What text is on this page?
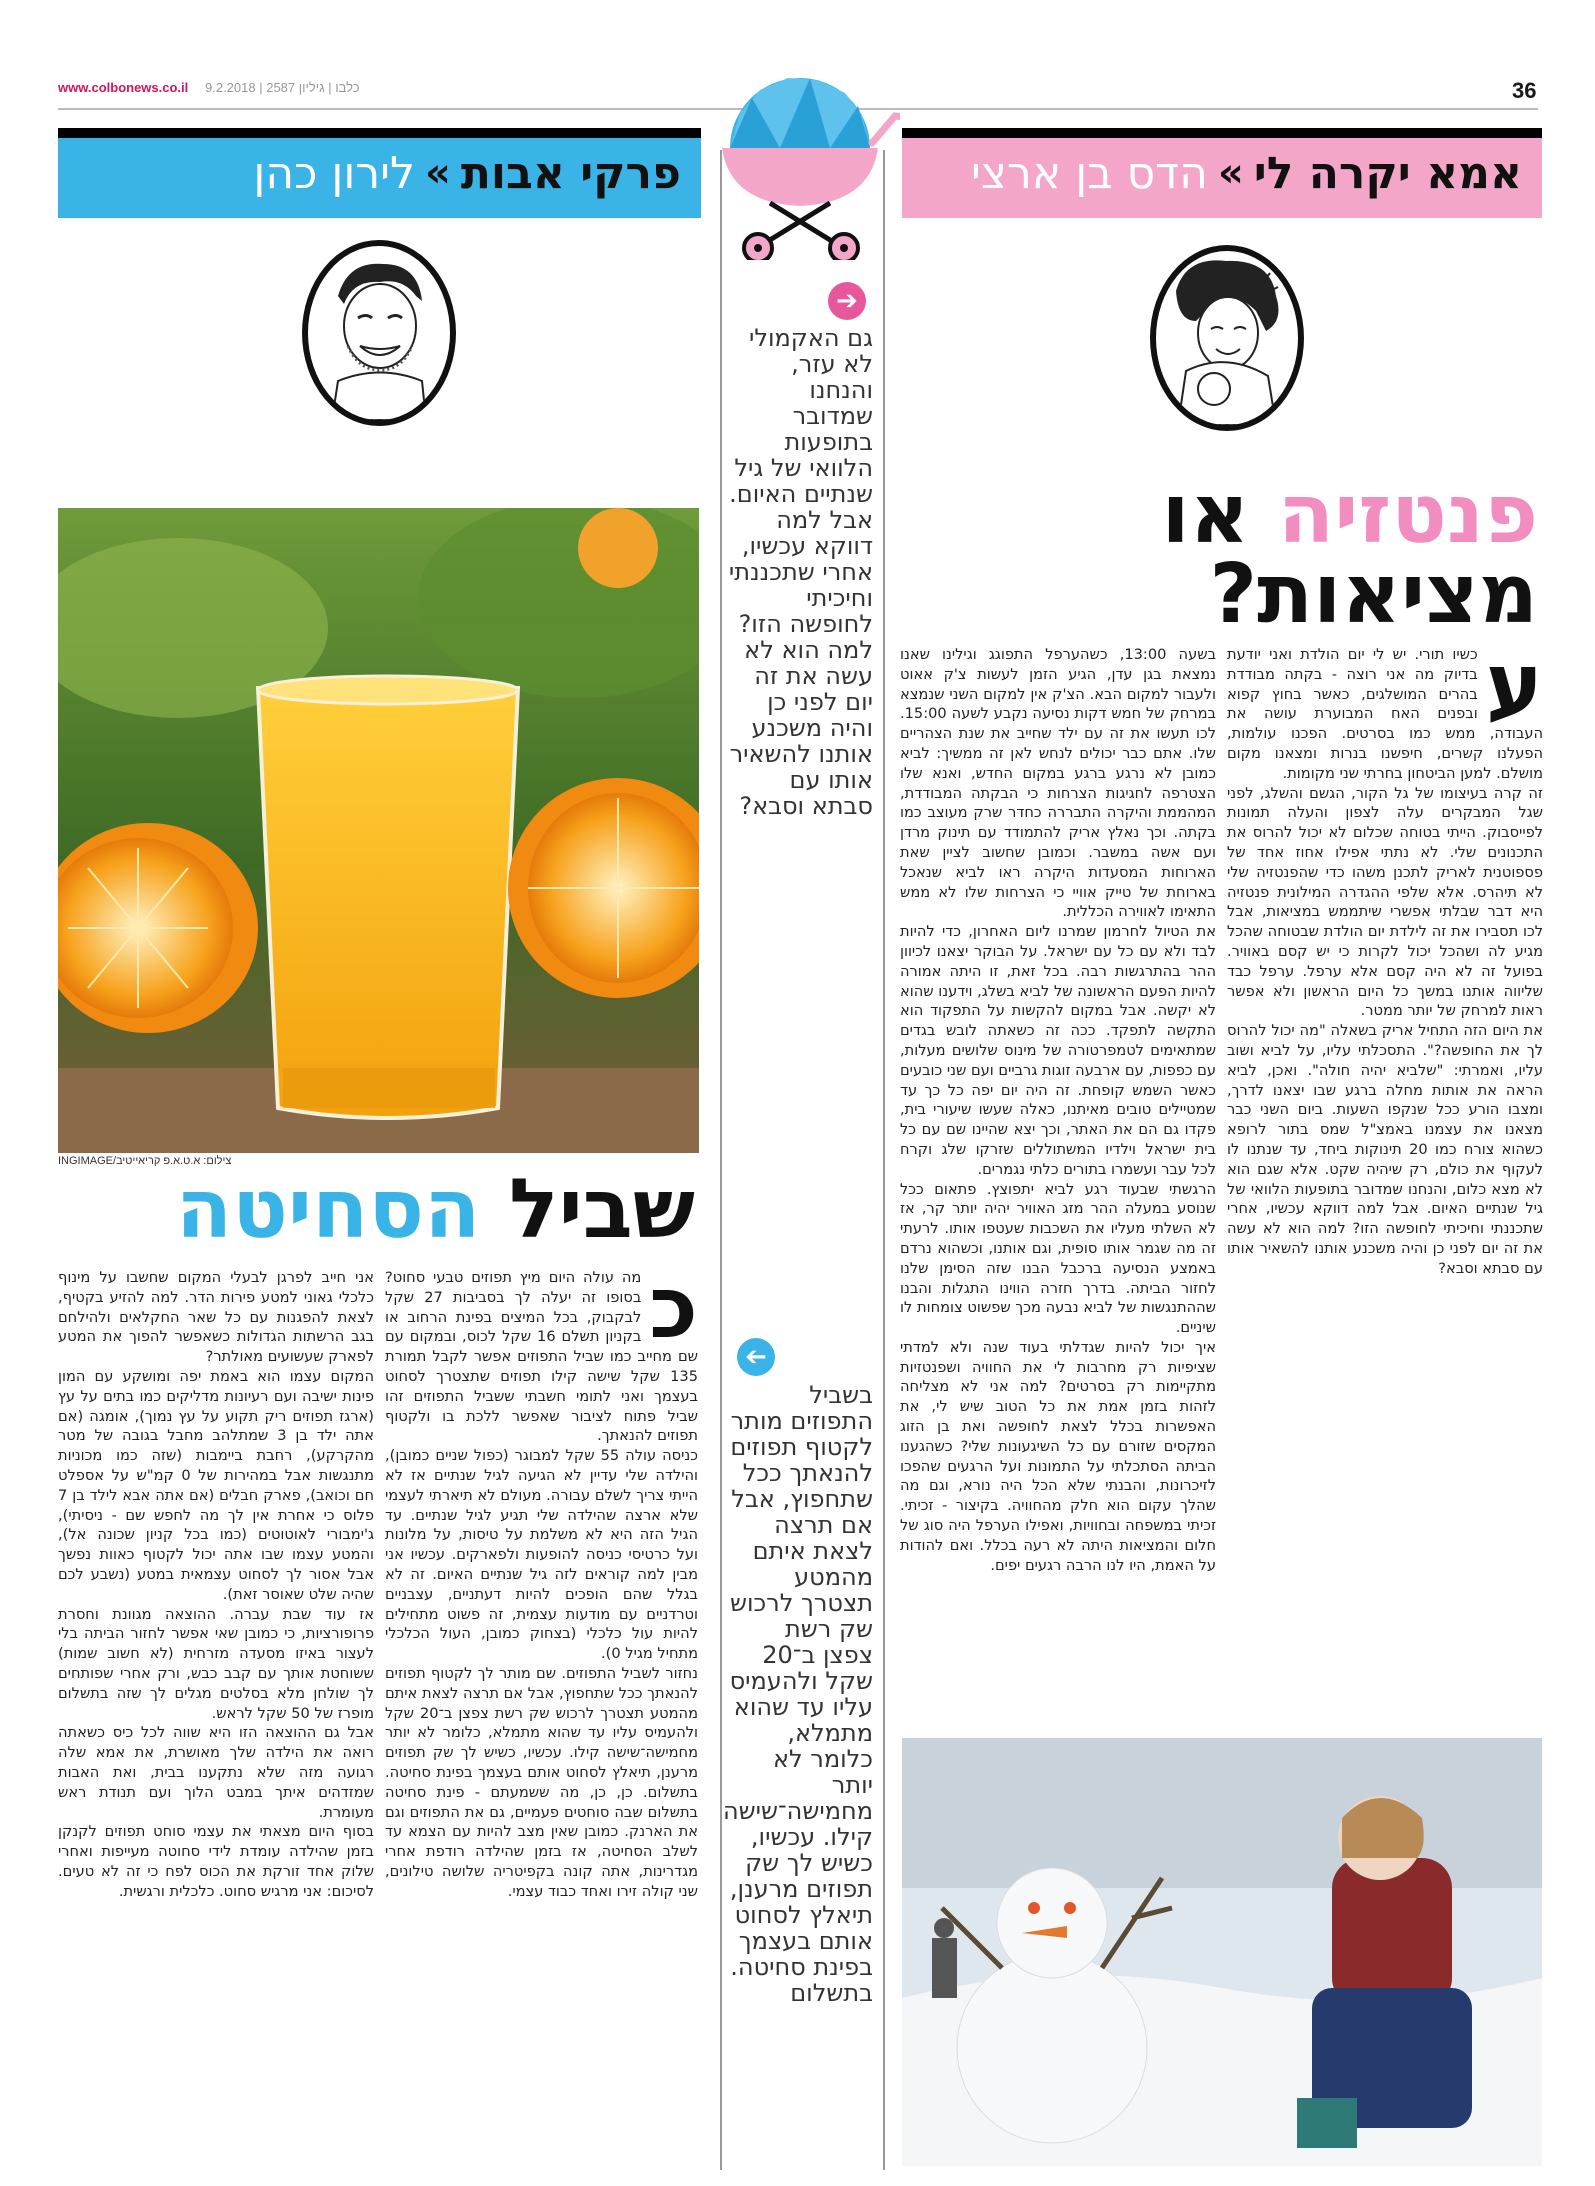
www.colbonews.co.il כלבו | גיליון 2587 | 9.2.2018	36
אמא יקרה לי
»
הדס בן ארצי
פרקי אבות
»
לירון כהן
פנטזיה או
מציאות?
ע

כשיו תורי. יש לי יום הולדת ואני יודעת בדיוק מה אני רוצה - בקתה מבודדת בהרים המושלגים, כאשר בחוץ קפוא ובפנים האח המבוערת עושה את העבודה, ממש כמו בסרטים. הפכנו עולמות, הפעלנו קשרים, חיפשנו בנרות ומצאנו מקום מושלם. למען הביטחון בחרתי שני מקומות.

זה קרה בעיצומו של גל הקור, הגשם והשלג, לפני שגל המבקרים עלה לצפון והעלה תמונות לפייסבוק. הייתי בטוחה שכלום לא יכול להרוס את התכנונים שלי. לא נתתי אפילו אחוז אחד של פספוטנית לאריק לתכנן משהו כדי שהפנטזיה שלי לא תיהרס. אלא שלפי ההגדרה המילונית פנטזיה היא דבר שבלתי אפשרי שיתממש במציאות, אבל לכו תסבירו את זה לילדת יום הולדת שבטוחה שהכל מגיע לה ושהכל יכול לקרות כי יש קסם באוויר. בפועל זה לא היה קסם אלא ערפל. ערפל כבד שליווה אותנו במשך כל היום הראשון ולא אפשר ראות למרחק של יותר ממטר.

את היום הזה התחיל אריק בשאלה "מה יכול להרוס לך את החופשה?". התסכלתי עליו, על לביא ושוב עליו, ואמרתי: "שלביא יהיה חולה". ואכן, לביא הראה את אותות מחלה ברגע שבו יצאנו לדרך, ומצבו הורע ככל שנקפו השעות. ביום השני כבר מצאנו את עצמנו באמצ"ל שמס בתור לרופא כשהוא צורח כמו 20 תינוקות ביחד, עד שנתנו לו לעקוף את כולם, רק שיהיה שקט. אלא שגם הוא לא מצא כלום, והנחנו שמדובר בתופעות הלוואי של גיל שנתיים האיום. אבל למה דווקא עכשיו, אחרי שתכננתי וחיכיתי לחופשה הזו? למה הוא לא עשה את זה יום לפני כן והיה משכנע אותנו להשאיר אותו עם סבתא וסבא?

בשעה 13:00, כשהערפל התפוגג וגילינו שאנו נמצאת בגן עדן, הגיע הזמן לעשות צ'ק אאוט ולעבור למקום הבא. הצ'ק אין למקום השני שנמצא במרחק של חמש דקות נסיעה נקבע לשעה 15:00. לכו תעשו את זה עם ילד שחייב את שנת הצהריים שלו. אתם כבר יכולים לנחש לאן זה ממשיך: לביא כמובן לא נרגע ברגע במקום החדש, ואנא שלו הצטרפה לחגיגות הצרחות כי הבקתה המבודדת, המהממת והיקרה התבררה כחדר שרק מעוצב כמו בקתה. וכך נאלץ אריק להתמודד עם תינוק מרדן ועם אשה במשבר. וכמובן שחשוב לציין שאת הארוחות המסעדות היקרה ראו לביא שנאכל בארוחת של טייק אוויי כי הצרחות שלו לא ממש התאימו לאווירה הכללית.

את הטיול לחרמון שמרנו ליום האחרון, כדי להיות לבד ולא עם כל עם ישראל. על הבוקר יצאנו לכיוון ההר בהתרגשות רבה. בכל זאת, זו היתה אמורה להיות הפעם הראשונה של לביא בשלג, וידענו שהוא לא יקשה. אבל במקום להקשות על התפקוד הוא התקשה לתפקד. ככה זה כשאתה לובש בגדים שמתאימים לטמפרטורה של מינוס שלושים מעלות, עם כפפות, עם ארבעה זוגות גרביים ועם שני כובעים כאשר השמש קופחת. זה היה יום יפה כל כך עד שמטיילים טובים מאיתנו, כאלה שעשו שיעורי בית, פקדו גם הם את האתר, וכך יצא שהיינו שם עם כל בית ישראל וילדיו המשתוללים שזרקו שלג וקרח לכל עבר ועשמרו בתורים כלתי נגמרים.

הרגשתי שבעוד רגע לביא יתפוצץ. פתאום ככל שנוסע במעלה ההר מזג האוויר יהיה יותר קר, אז לא השלתי מעליו את השכבות שעטפו אותו. לרעתי זה מה שגמר אותו סופית, וגם אותנו, וכשהוא נרדם באמצע הנסיעה ברכבל הבנו שזה הסימן שלנו לחזור הביתה. בדרך חזרה הווינו התגלות והבנו שההתנגשות של לביא נבעה מכך שפשוט צומחות לו שיניים.

איך יכול להיות שגדלתי בעוד שנה ולא למדתי שציפיות רק מחרבות לי את החוויה ושפנטזיות מתקיימות רק בסרטים? למה אני לא מצליחה לזהות בזמן אמת את כל הטוב שיש לי, את האפשרות בכלל לצאת לחופשה ואת בן הזוג המקסים שזורם עם כל השיגעונות שלי? כשהגענו הביתה הסתכלתי על התמונות ועל הרגעים שהפכו לזיכרונות, והבנתי שלא הכל היה נורא, וגם מה שהלך עקום הוא חלק מהחוויה. בקיצור - זכיתי. זכיתי במשפחה ובחוויות, ואפילו הערפל היה סוג של חלום והמציאות היתה לא רעה בכלל. ואם להודות על האמת, היו לנו הרבה רגעים יפים.

➔
גם האקמולי לא עזר, והנחנו שמדובר בתופעות הלוואי של גיל שנתיים האיום. אבל למה דווקא עכשיו, אחרי שתכננתי וחיכיתי לחופשה הזו? למה הוא לא עשה את זה יום לפני כן והיה משכנע אותנו להשאיר אותו עם סבתא וסבא?
➔
בשביל התפוזים מותר לקטוף תפוזים להנאתך ככל שתחפוץ, אבל אם תרצה לצאת איתם מהמטע תצטרך לרכוש שק רשת צפצן ב־20 שקל ולהעמיס עליו עד שהוא מתמלא, כלומר לא יותר מחמישה־שישה קילו. עכשיו, כשיש לך שק תפוזים מרענן, תיאלץ לסחוט אותם בעצמך בפינת סחיטה. בתשלום
צילום: א.ט.א.פ קריאייטיב/INGIMAGE
שביל הסחיטה
כ

מה עולה היום מיץ תפוזים טבעי סחוט? בסופו זה יעלה לך בסביבות 27 שקל לבקבוק, בכל המיצים בפינת הרחוב או בקניון תשלם 16 שקל לכוס, ובמקום עם שם מחייב כמו שביל התפוזים אפשר לקבל תמורת 135 שקל שישה קילו תפוזים שתצטרך לסחוט בעצמך ואני לתומי חשבתי ששביל התפוזים זהו שביל פתוח לציבור שאפשר ללכת בו ולקטוף תפוזים להנאתך.

כניסה עולה 55 שקל למבוגר (כפול שניים כמובן), והילדה שלי עדיין לא הגיעה לגיל שנתיים אז לא הייתי צריך לשלם עבורה. מעולם לא תיארתי לעצמי שלא ארצה שהילדה שלי תגיע לגיל שנתיים. עד הגיל הזה היא לא משלמת על טיסות, על מלונות ועל כרטיסי כניסה להופעות ולפארקים. עכשיו אני מבין למה קוראים לזה גיל שנתיים האיום. זה לא בגלל שהם הופכים להיות דעתניים, עצבניים וטרדניים עם מודעות עצמית, זה פשוט מתחילים להיות עול כלכלי (בצחוק כמובן, העול הכלכלי מתחיל מגיל 0).

נחזור לשביל התפוזים. שם מותר לך לקטוף תפוזים להנאתך ככל שתחפוץ, אבל אם תרצה לצאת איתם מהמטע תצטרך לרכוש שק רשת צפצן ב־20 שקל ולהעמיס עליו עד שהוא מתמלא, כלומר לא יותר מחמישה־שישה קילו. עכשיו, כשיש לך שק תפוזים מרענן, תיאלץ לסחוט אותם בעצמך בפינת סחיטה. בתשלום. כן, כן, מה ששמעתם - פינת סחיטה בתשלום שבה סוחטים פעמיים, גם את התפוזים וגם את הארנק. כמובן שאין מצב להיות עם הצמא עד לשלב הסחיטה, אז בזמן שהילדה רודפת אחרי מגדרינות, אתה קונה בקפיטריה שלושה טילונים, שני קולה זירו ואחד כבוד עצמי.

אני חייב לפרגן לבעלי המקום שחשבו על מינוף כלכלי גאוני למטע פירות הדר. למה להזיע בקטיף, לצאת להפגנות עם כל שאר החקלאים ולהילחם בגב הרשתות הגדולות כשאפשר להפוך את המטע לפארק שעשועים מאולתר?

המקום עצמו הוא באמת יפה ומושקע עם המון פינות ישיבה ועם רעיונות מדליקים כמו בתים על עץ (ארגז תפוזים ריק תקוע על עץ נמוך), אומגה (אם אתה ילד בן 3 שמתלהב מחבל בגובה של מטר מהקרקע), רחבת ביימבות (שזה כמו מכוניות מתנגשות אבל במהירות של 0 קמ"ש על אספלט חם וכואב), פארק חבלים (אם אתה אבא לילד בן 7 פלוס כי אחרת אין לך מה לחפש שם - ניסיתי), ג'ימבורי לאוטוטים (כמו בכל קניון שכונה אל), והמטע עצמו שבו אתה יכול לקטוף כאוות נפשך אבל אסור לך לסחוט עצמאית במטע (נשבע לכם שהיה שלט שאוסר זאת).

אז עוד שבת עברה. ההוצאה מגוונת וחסרת פרופורציות, כי כמובן שאי אפשר לחזור הביתה בלי לעצור באיזו מסעדה מזרחית (לא חשוב שמות) ששוחטת אותך עם קבב כבש, ורק אחרי שפותחים לך שולחן מלא בסלטים מגלים לך שזה בתשלום מופרז של 50 שקל לראש.

אבל גם ההוצאה הזו היא שווה לכל כיס כשאתה רואה את הילדה שלך מאושרת, את אמא שלה רגועה מזה שלא נתקענו בבית, ואת האבות שמזדהים איתך במבט הלוך ועם תנודת ראש מעומרת.

בסוף היום מצאתי את עצמי סוחט תפוזים לקנקן בזמן שהילדה עומדת לידי סחוטה מעייפות ואחרי שלוק אחד זורקת את הכוס לפח כי זה לא טעים. לסיכום: אני מרגיש סחוט. כלכלית ורגשית.
